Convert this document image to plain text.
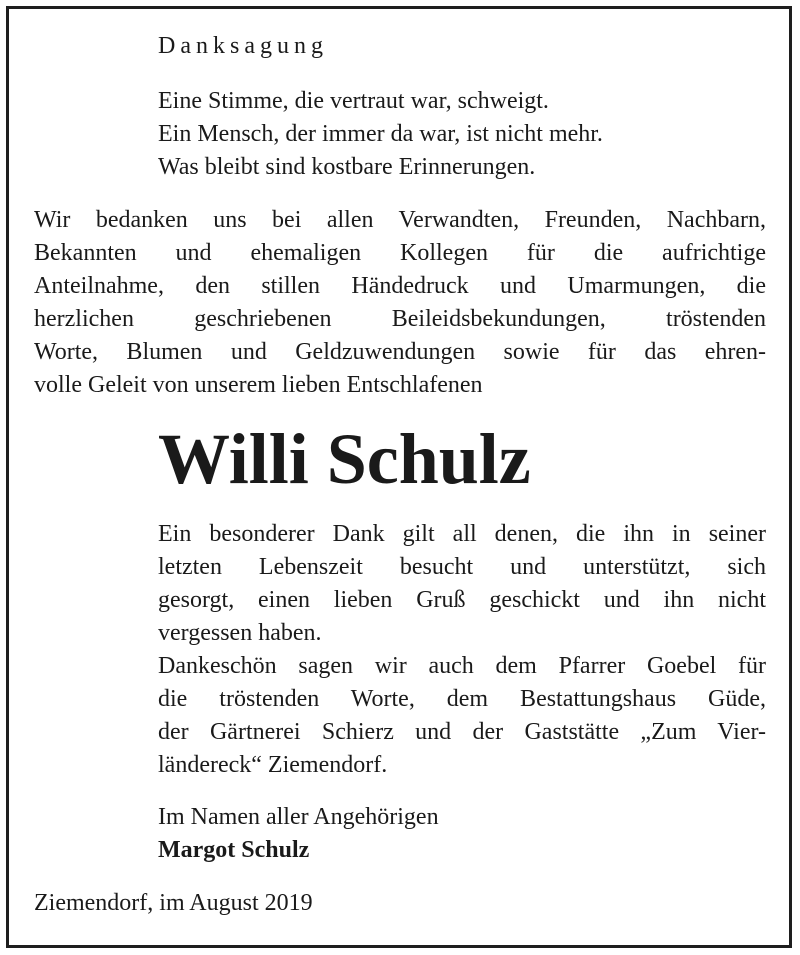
Danksagung
Eine Stimme, die vertraut war, schweigt.
Ein Mensch, der immer da war, ist nicht mehr.
Was bleibt sind kostbare Erinnerungen.
Wir bedanken uns bei allen Verwandten, Freunden, Nachbarn,
Bekannten und ehemaligen Kollegen für die aufrichtige
Anteilnahme, den stillen Händedruck und Umarmungen, die
herzlichen geschriebenen Beileidsbekundungen, tröstenden
Worte, Blumen und Geldzuwendungen sowie für das ehren-
volle Geleit von unserem lieben Entschlafenen
Willi Schulz
Ein besonderer Dank gilt all denen, die ihn in seiner
letzten Lebenszeit besucht und unterstützt, sich
gesorgt, einen lieben Gruß geschickt und ihn nicht
vergessen haben.
Dankeschön sagen wir auch dem Pfarrer Goebel für
die tröstenden Worte, dem Bestattungshaus Güde,
der Gärtnerei Schierz und der Gaststätte „Zum Vier-
ländereck“ Ziemendorf.
Im Namen aller Angehörigen
Margot Schulz
Ziemendorf, im August 2019
